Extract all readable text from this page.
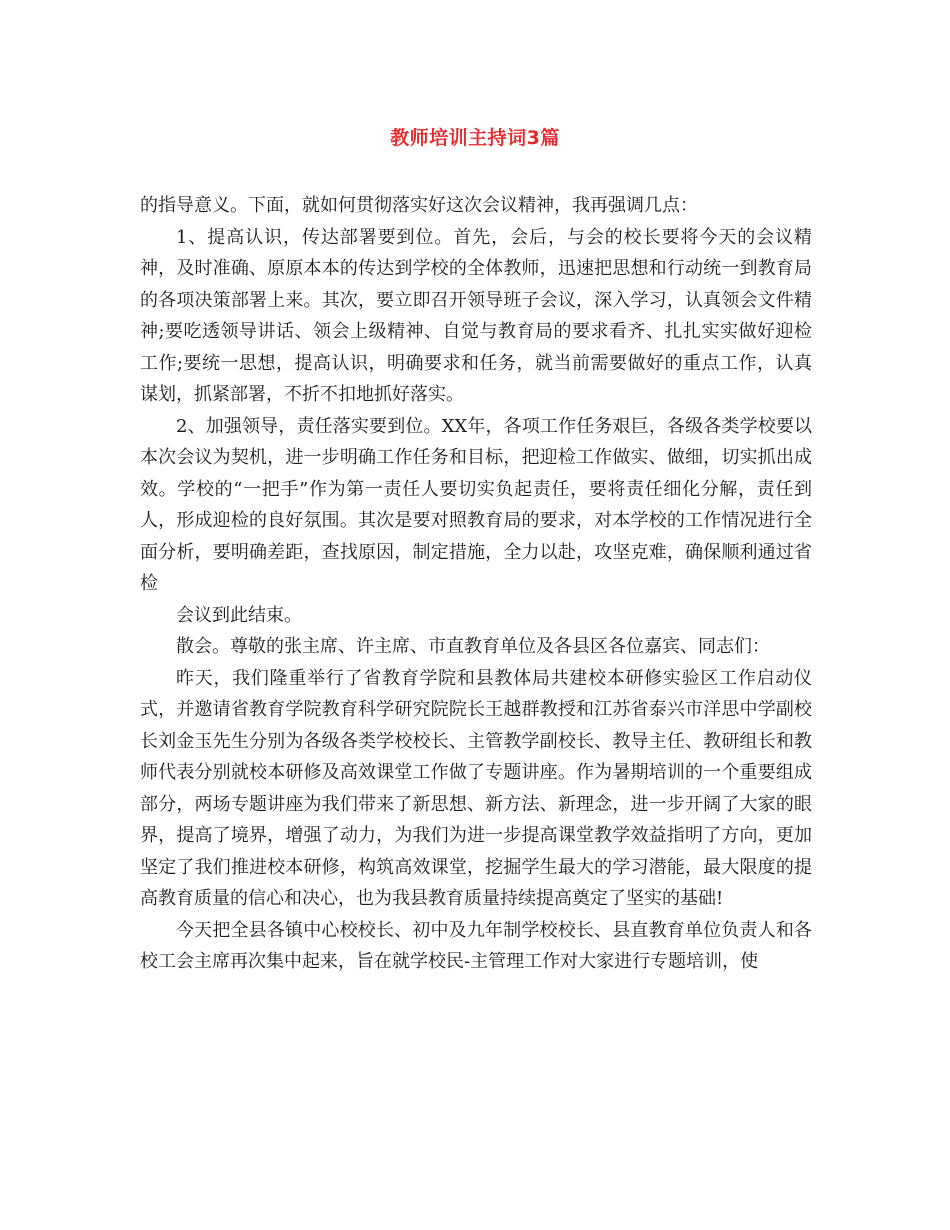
教师培训主持词3篇

的指导意义。下面，就如何贯彻落实好这次会议精神，我再强调几点：

1、提高认识，传达部署要到位。首先，会后，与会的校长要将今天的会议精神，及时准确、原原本本的传达到学校的全体教师，迅速把思想和行动统一到教育局的各项决策部署上来。其次，要立即召开领导班子会议，深入学习，认真领会文件精神;要吃透领导讲话、领会上级精神、自觉与教育局的要求看齐、扎扎实实做好迎检工作;要统一思想，提高认识，明确要求和任务，就当前需要做好的重点工作，认真谋划，抓紧部署，不折不扣地抓好落实。

2、加强领导，责任落实要到位。XX年，各项工作任务艰巨，各级各类学校要以本次会议为契机，进一步明确工作任务和目标，把迎检工作做实、做细，切实抓出成效。学校的“一把手”作为第一责任人要切实负起责任，要将责任细化分解，责任到人，形成迎检的良好氛围。其次是要对照教育局的要求，对本学校的工作情况进行全面分析，要明确差距，查找原因，制定措施，全力以赴，攻坚克难，确保顺利通过省检

会议到此结束。

散会。尊敬的张主席、许主席、市直教育单位及各县区各位嘉宾、同志们：

昨天，我们隆重举行了省教育学院和县教体局共建校本研修实验区工作启动仪式，并邀请省教育学院教育科学研究院院长王越群教授和江苏省泰兴市洋思中学副校长刘金玉先生分别为各级各类学校校长、主管教学副校长、教导主任、教研组长和教师代表分别就校本研修及高效课堂工作做了专题讲座。作为暑期培训的一个重要组成部分，两场专题讲座为我们带来了新思想、新方法、新理念，进一步开阔了大家的眼界，提高了境界，增强了动力，为我们为进一步提高课堂教学效益指明了方向，更加坚定了我们推进校本研修，构筑高效课堂，挖掘学生最大的学习潜能，最大限度的提高教育质量的信心和决心，也为我县教育质量持续提高奠定了坚实的基础!

今天把全县各镇中心校校长、初中及九年制学校校长、县直教育单位负责人和各校工会主席再次集中起来，旨在就学校民-主管理工作对大家进行专题培训，使
